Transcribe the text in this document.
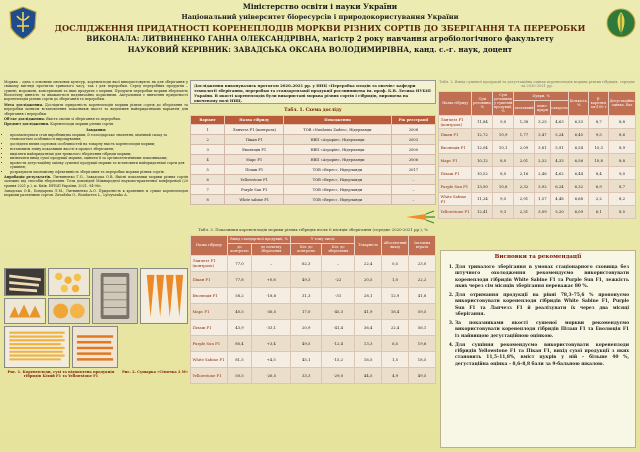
Міністерство освіти і науки України
Національний університет біоресурсів і природокористування України
ДОСЛІДЖЕННЯ ПРИДАТНОСТІ КОРЕНЕПЛОДІВ МОРКВИ РІЗНИХ СОРТІВ ДО ЗБЕРІГАННЯ ТА ПЕРЕРОБКИ
ВИКОНАЛА: ЛИТВИНЕНКО ГАННА ОЛЕКСАНДРІВНА, магістр 2 року навчання агробіологічного факультету
НАУКОВИЙ КЕРІВНИК: ЗАВАДСЬКА ОКСАНА ВОЛОДИМИРІВНА, канд. с.-г. наук, доцент

Морква – одна з основних овочевих культур, коренеплоди якої використовують як для зберігання у свіжому вигляді протягом тривалого часу, так і для переробки. Серед переробних продуктів – сушені, морожені, консервовані та інші продукти з моркви. Продукти переробки моркви зберігають біологічну цінність та вважаються надзвичайно корисними. Актуальним є вивчення придатності коренеплодів різних сортів до зберігання та переробки.

Мета дослідження. Дослідити придатність коренеплодів моркви різних сортів до зберігання та переробки шляхом встановлення показників якості та виділення найпридатніших варіантів для зберігання і переробки.

Об’єкт дослідження. Якість овочів зі зберігання та переробки.

Предмет дослідження. Коренеплоди моркви різних сортів.

Завдання:

• проаналізувати стан виробництва моркви, її господарське значення, хімічний склад та технологічні особливості вирощування;
• дослідити вплив сортових особливостей на товарну якість коренеплодів моркви;
• встановити зміну показників якості в процесі зберігання;
• виділити найпридатніші для тривалого зберігання гібриди моркви;
• визначити вихід сухої продукції моркви, оцінити її за органолептичними показниками;
• провести дегустаційну оцінку сушеної продукції моркви та встановити найпридатніші сорти для сушіння;
• розрахувати економічну ефективність зберігання та переробки моркви різних сортів.

Апробація результатів. Литвиненко Г.О., Завадська О.В. Якісні показники моркви різних сортів залежно від способів зберігання. Тези доповідей Міжнародної науково-практичної конференції (20 травня 2021 р.), м. Київ. НУБіП України, 2021. 94-96с.

Завадська О.В., Бондарева Л.М., Литвиненко А.О. Придатність к хранению и сушке коренеплодов моркови различных сортов. Zavadska O., Bondareva L., Lytvynenko А.

Рис. 1. Коренеплоди, сухі та відновлена продукція гібридів Білий F1 та Yellowstone F1
Рис. 2. Сушарка «Сімочка 2 М»
Дослідження виконувались протягом 2020–2021 рр. у ННЦ «Переробка плодів та овочів» кафедри технології зберігання, переробки та стандартизації продукції рослинництва ім. проф. Б.В. Лесика НУБіП України. В якості коренеплодів були використані морква різних сортів і гібридів, вирощена на овочевому полі ННЦ.
Табл. 1. Схема досліду
Варіант	Назва гібриду	Походження	Рік реєстрації
1	Ланчезз F1 (контроль)	ТОВ «Nunhems Zaden», Нідерланди	2008
2	Пікан F1	НВП «Агрорін», Нідерланди	2003
3	Еволюція F1	НВП «Агрорін», Нідерланди	2000
4	Марс F1	НВП «Агрорін», Нідерланди	2006
5	Пілаш F1	ТОВ «Верес», Нідерланди	2017
6	Yellowstone F1	ТОВ «Верес», Нідерланди	–
7	Purple Sun F1	ТОВ «Верес», Нідерланди	–
8	White sabine F1	ТОВ «Верес», Нідерланди	–
Табл. 2. Вихід сушеної продукції та дегустаційна оцінка коренеплодів моркви різних гібридів, середнє за 2020-2021 рр.
Назва гібриду	Сухі речовини, %	Сухі речовини у сушеній продукції, %	Цукри, %			Кількість, %	β-каротин, мг/100 г	Дегустаційна оцінка, бал
			загальний	моно-цукри	сахароза			
Ланчезз F1 (контроль)	11,84	9,0	1,38	3,25	4,63	6,33	8,7	8,8
Пікан F1	12,72	10,9	1,77	3,47	5,24	6,45	9,5	8,6
Еволюція F1	12,04	10,1	2,09	3,81	5,91	6,54	10,3	8,9
Марс F1	10,12	8,0	2,01	2,32	4,33	6,56	10,8	8,8
Пілаш F1	10,52	8,0	2,16	2,46	4,62	6,44	8,4	9,0
Purple Sun F1	13,50	10,8	2,32	3,92	6,24	6,32	6,9	8,7
White Sabine F1	11,24	9,5	2,91	1,57	4,48	6,68	2,2	8,2
Yellowstone F1	12,41	9,3	2,31	3,09	5,20	6,09	6,1	8,5
Табл. 3. Показники коренеплодів моркви різних гібридів після 6 місяців зберігання (середнє 2020-2021 рр.), %
Назва гібриду	Вихід стандартної продукції, %		У тому числі		Товарність	Абсолютний вихід	Загальна втрата
	до контролю	до початку зберігання	Кіл. до контролю	Кіл. до зберігання			
Ланчезз F1 (контроль)	77,0	–	62,3	–	22,4	0,5	23,0
Пікан F1	77,8	+0,8	49,3	-22	20,5	1,0	22,2
Еволюція F1	58,2	-18,8	31,3	-31	28,1	12,9	41,8
Марс F1	40,5	-36,5	17,0	-45,3	41,9	16,4	59,5
Пілаш F1	43,9	-33,1	20,9	-41,4	36,4	22,4	56,1
Purple Sun F1	80,4	+3,4	49,5	-12,4	13,3	6,5	19,6
White Sabine F1	81,5	+4,5	45,1	-15,2	16,5	1,5	18,5
Yellowstone F1	50,5	-26,5	33,3	-29,0	44,5	4,9	49,5
Висновки та рекомендації
1. Для тривалого зберігання в умовах стаціонарного сховища без штучного охолодження рекомендуємо використовувати коренеплоди гібридів White Sabine F1 та Purple Sun F1, лежкість яких через сім місяців зберігання переважає 80 %.
2. Для отримання продукції на рівні 78,3–75,6 % пропонуємо використовувати коренеплоди гібридів White Sabine F1, Purple Sun F1 та Ланчезз F1 й реалізувати їх через два місяці зберігання.
3. За показниками якості сушеної моркви рекомендуємо використовувати коренеплоди гібридів Пілаш F1 та Еволюція F1 із найвищою дегустаційною оцінкою.
4. Для сушіння рекомендуємо використовувати коренеплоди гібридів Yellowstone F1 та Пікан F1, вихід сухої продукції з яких становить 11,5–11,8%, вміст цукрів у ній – більше 40 %, дегустаційна оцінка – 8,6–8,8 бали за 9-бальною шкалою.
